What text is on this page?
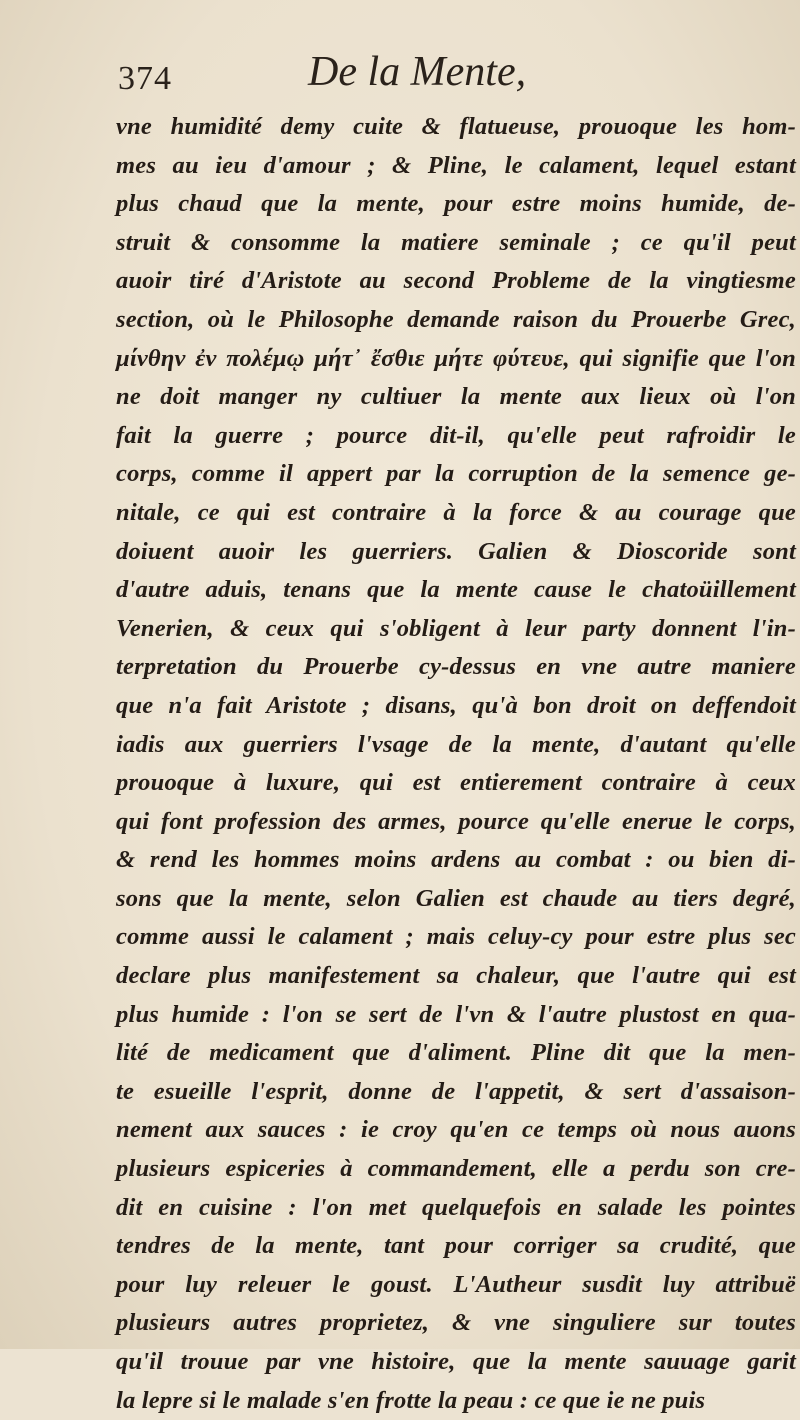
374	De la Mente,
vne humidité demy cuite & flatueuse, prouoque les hom-
mes au ieu d'amour ; & Pline, le calament, lequel estant
plus chaud que la mente, pour estre moins humide, de-
struit & consomme la matiere seminale ; ce qu'il peut
auoir tiré d'Aristote au second Probleme de la vingtiesme
section, où le Philosophe demande raison du Prouerbe Grec,
μίνθην ἐν πολέμῳ μήτ᾽ ἔσθιε μήτε φύτευε, qui signifie que l'on
ne doit manger ny cultiuer la mente aux lieux où l'on
fait la guerre ; pource dit-il, qu'elle peut rafroidir le
corps, comme il appert par la corruption de la semence ge-
nitale, ce qui est contraire à la force & au courage que
doiuent auoir les guerriers. Galien & Dioscoride sont
d'autre aduis, tenans que la mente cause le chatoüillement
Venerien, & ceux qui s'obligent à leur party donnent l'in-
terpretation du Prouerbe cy-dessus en vne autre maniere
que n'a fait Aristote ; disans, qu'à bon droit on deffendoit
iadis aux guerriers l'vsage de la mente, d'autant qu'elle
prouoque à luxure, qui est entierement contraire à ceux
qui font profession des armes, pource qu'elle enerue le corps,
& rend les hommes moins ardens au combat : ou bien di-
sons que la mente, selon Galien est chaude au tiers degré,
comme aussi le calament ; mais celuy-cy pour estre plus sec
declare plus manifestement sa chaleur, que l'autre qui est
plus humide : l'on se sert de l'vn & l'autre plustost en qua-
lité de medicament que d'aliment. Pline dit que la men-
te esueille l'esprit, donne de l'appetit, & sert d'assaison-
nement aux sauces : ie croy qu'en ce temps où nous auons
plusieurs espiceries à commandement, elle a perdu son cre-
dit en cuisine : l'on met quelquefois en salade les pointes
tendres de la mente, tant pour corriger sa crudité, que
pour luy releuer le goust. L'Autheur susdit luy attribuë
plusieurs autres proprietez, & vne singuliere sur toutes
qu'il trouue par vne histoire, que la mente sauuage garit
la lepre si le malade s'en frotte la peau : ce que ie ne puis
